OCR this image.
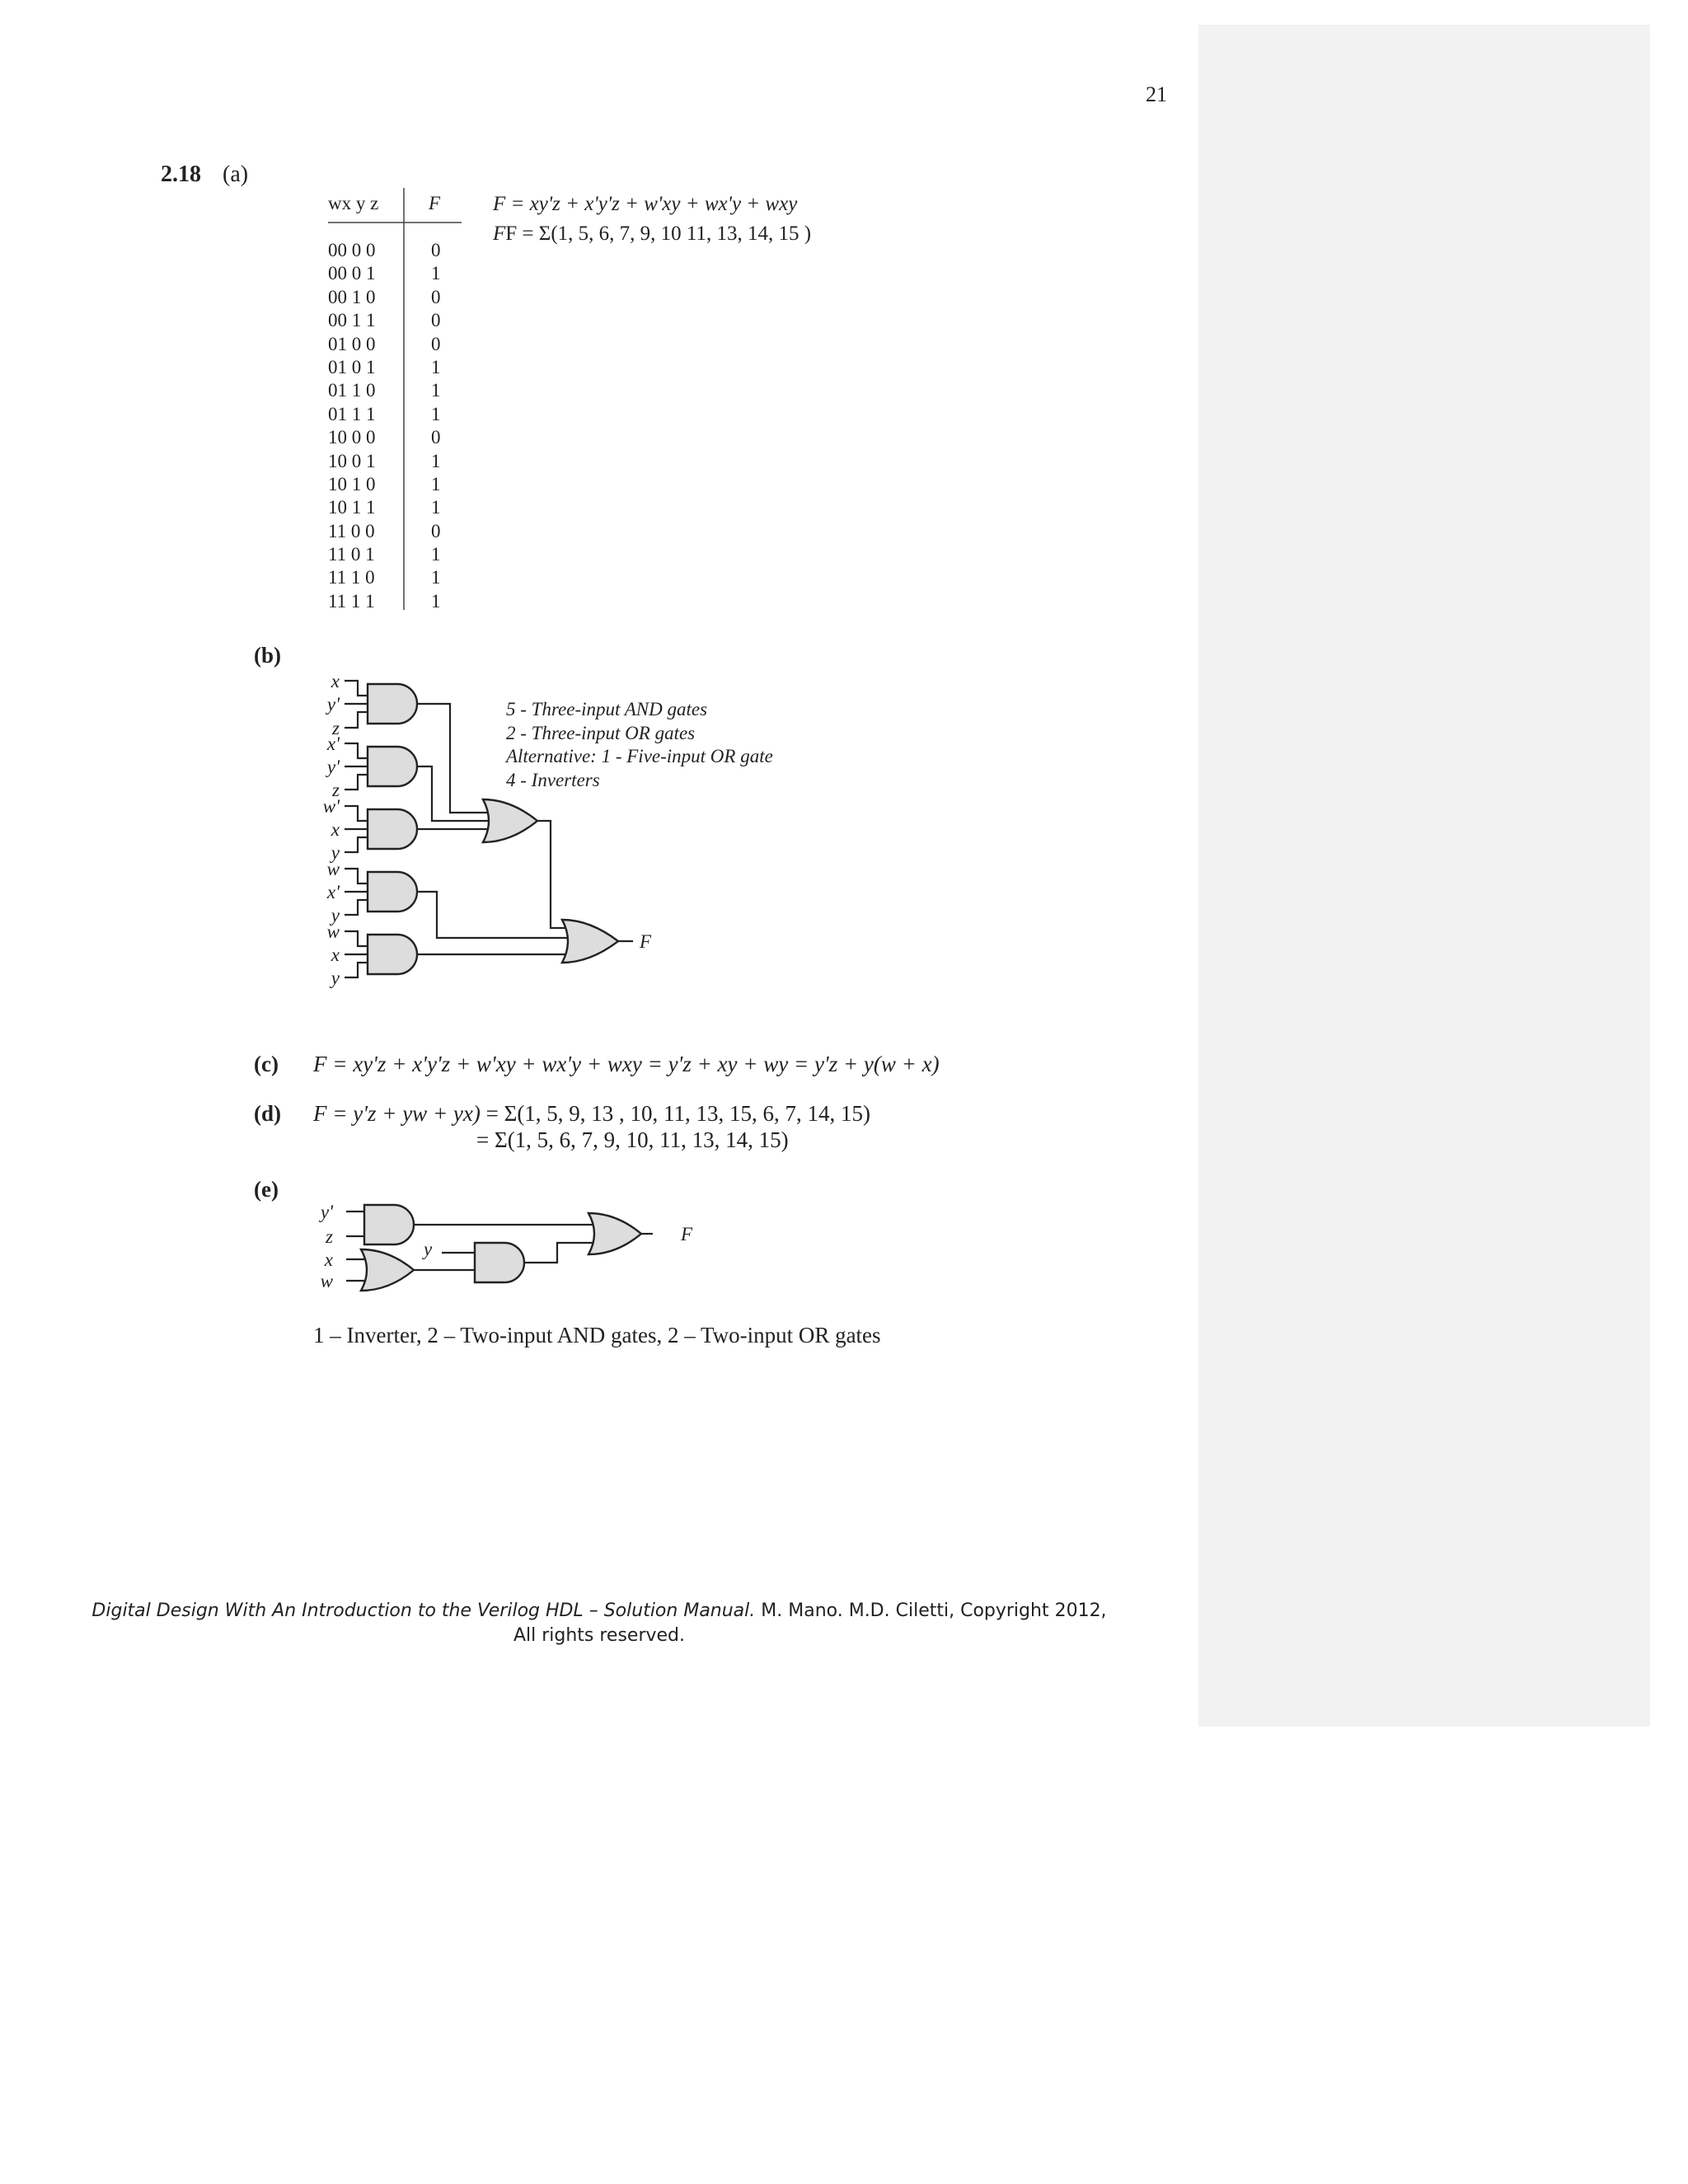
21
2.18 (a)
wx y z	F
00 0 0
00 0 1
00 1 0
00 1 1
01 0 0
01 0 1
01 1 0
01 1 1
10 0 0
10 0 1
10 1 0
10 1 1
11 0 0
11 0 1
11 1 0
11 1 1
0
1
0
0
0
1
1
1
0
1
1
1
0
1
1
1
F = xy'z + x'y'z + w'xy + wx'y + wxy
FF = Σ(1, 5, 6, 7, 9, 10 11, 13, 14, 15 )
(b)
5 - Three-input AND gates
2 - Three-input OR gates
Alternative: 1 - Five-input OR gate
4 - Inverters
(c) F = xy'z + x'y'z + w'xy + wx'y + wxy = y'z + xy + wy = y'z + y(w + x)
(d) F = y'z + yw + yx) = Σ(1, 5, 9, 13 , 10, 11, 13, 15, 6, 7, 14, 15)
= Σ(1, 5, 6, 7, 9, 10, 11, 13, 14, 15)
(e)
1 – Inverter, 2 – Two-input AND gates, 2 – Two-input OR gates
Digital Design With An Introduction to the Verilog HDL – Solution Manual. M. Mano. M.D. Ciletti, Copyright 2012,
All rights reserved.
x
y'
z
x'
y'
z
w'
x
y
w
x'
y
w
x
y
F
y'
z
x
w
y
F
